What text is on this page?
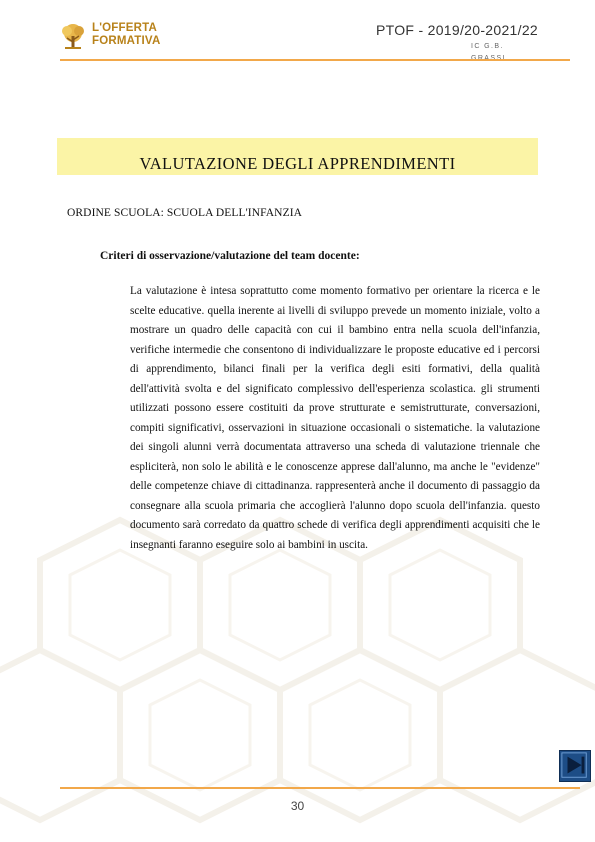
L'OFFERTA
FORMATIVA
PTOF - 2019/20-2021/22
IC G.B.
VALUTAZIONE DEGLI APPRENDIMENTI
ORDINE SCUOLA: SCUOLA DELL'INFANZIA
Criteri di osservazione/valutazione del team docente:
La valutazione è intesa soprattutto come momento formativo per orientare la ricerca e le scelte educative. quella inerente ai livelli di sviluppo prevede un momento iniziale, volto a mostrare un quadro delle capacità con cui il bambino entra nella scuola dell'infanzia, verifiche intermedie che consentono di individualizzare le proposte educative ed i percorsi di apprendimento, bilanci finali per la verifica degli esiti formativi, della qualità dell'attività svolta e del significato complessivo dell'esperienza scolastica. gli strumenti utilizzati possono essere costituiti da prove strutturate e semistrutturate, conversazioni, compiti significativi, osservazioni in situazione occasionali o sistematiche. la valutazione dei singoli alunni verrà documentata attraverso una scheda di valutazione triennale che espliciterà, non solo le abilità e le conoscenze apprese dall'alunno, ma anche le "evidenze" delle competenze chiave di cittadinanza. rappresenterà anche il documento di passaggio da consegnare alla scuola primaria che accoglierà l'alunno dopo scuola dell'infanzia. questo documento sarà corredato da quattro schede di verifica degli apprendimenti acquisiti che le insegnanti faranno eseguire solo ai bambini in uscita.
30
